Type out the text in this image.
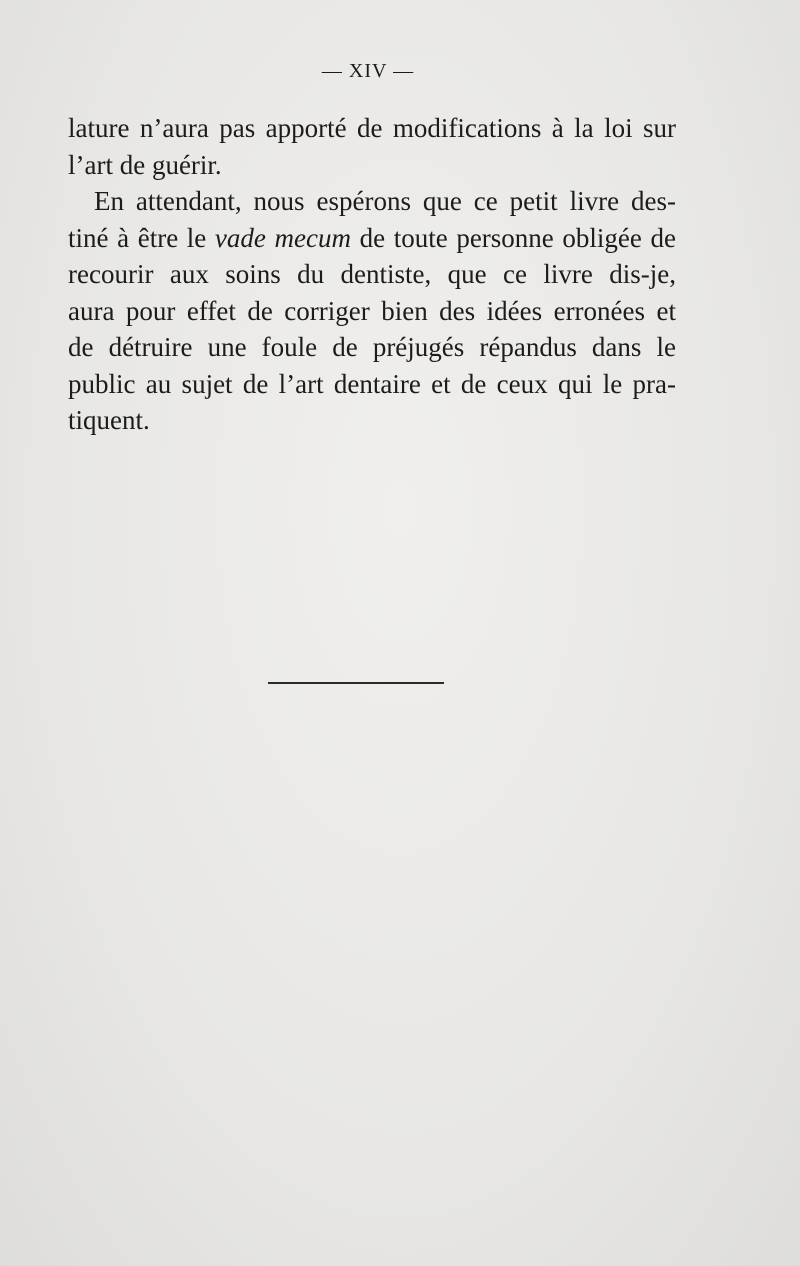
— XIV —

lature n’aura pas apporté de modifications à la loi sur
l’art de guérir.

En attendant, nous espérons que ce petit livre des-
tiné à être le vade mecum de toute personne obligée de
recourir aux soins du dentiste, que ce livre dis-je,
aura pour effet de corriger bien des idées erronées et
de détruire une foule de préjugés répandus dans le
public au sujet de l’art dentaire et de ceux qui le pra-
tiquent.
